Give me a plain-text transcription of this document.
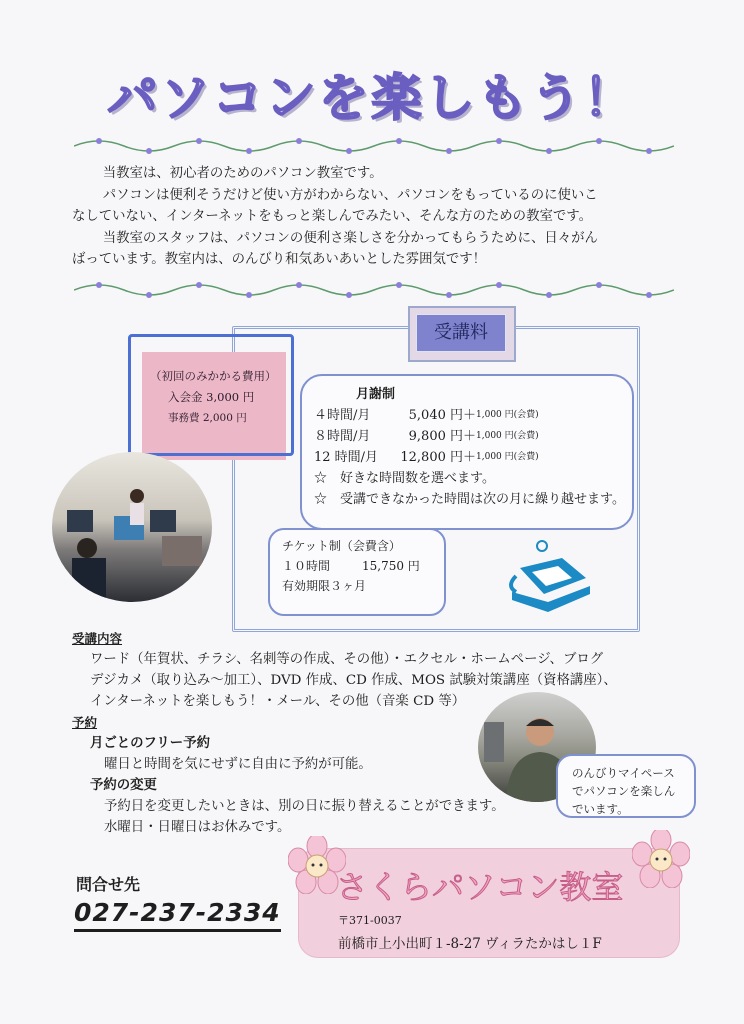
パソコンを楽しもう！

当教室は、初心者のためのパソコン教室です。

パソコンは便利そうだけど使い方がわからない、パソコンをもっているのに使いこ

なしていない、インターネットをもっと楽しんでみたい、そんな方のための教室です。

当教室のスタッフは、パソコンの便利さ楽しさを分かってもらうために、日々がん

ばっています。教室内は、のんびり和気あいあいとした雰囲気です！

受講料
（初回のみかかる費用）
入会金 3,000 円
事務費 2,000 円
月謝制
４時間/月	5,040 円＋ 1,000 円(会費)
８時間/月	9,800 円＋ 1,000 円(会費)
12 時間/月	12,800 円＋ 1,000 円(会費)
☆　好きな時間数を選べます。
☆　受講できなかった時間は次の月に繰り越せます。
チケット制（会費含）
１０時間	15,750 円
有効期限３ヶ月
受講内容
ワード（年賀状、チラシ、名刺等の作成、その他）・エクセル・ホームページ、ブログ
デジカメ（取り込み～加工）、DVD 作成、CD 作成、MOS 試験対策講座（資格講座）、
インターネットを楽しもう！・メール、その他（音楽 CD 等）
予約
月ごとのフリー予約
曜日と時間を気にせずに自由に予約が可能。
予約の変更
予約日を変更したいときは、別の日に振り替えることができます。
水曜日・日曜日はお休みです。
のんびりマイペース
でパソコンを楽しん
でいます。
問合せ先
027-237-2334
さくらパソコン教室
〒371-0037
前橋市上小出町１-8-27 ヴィラたかはし１F
